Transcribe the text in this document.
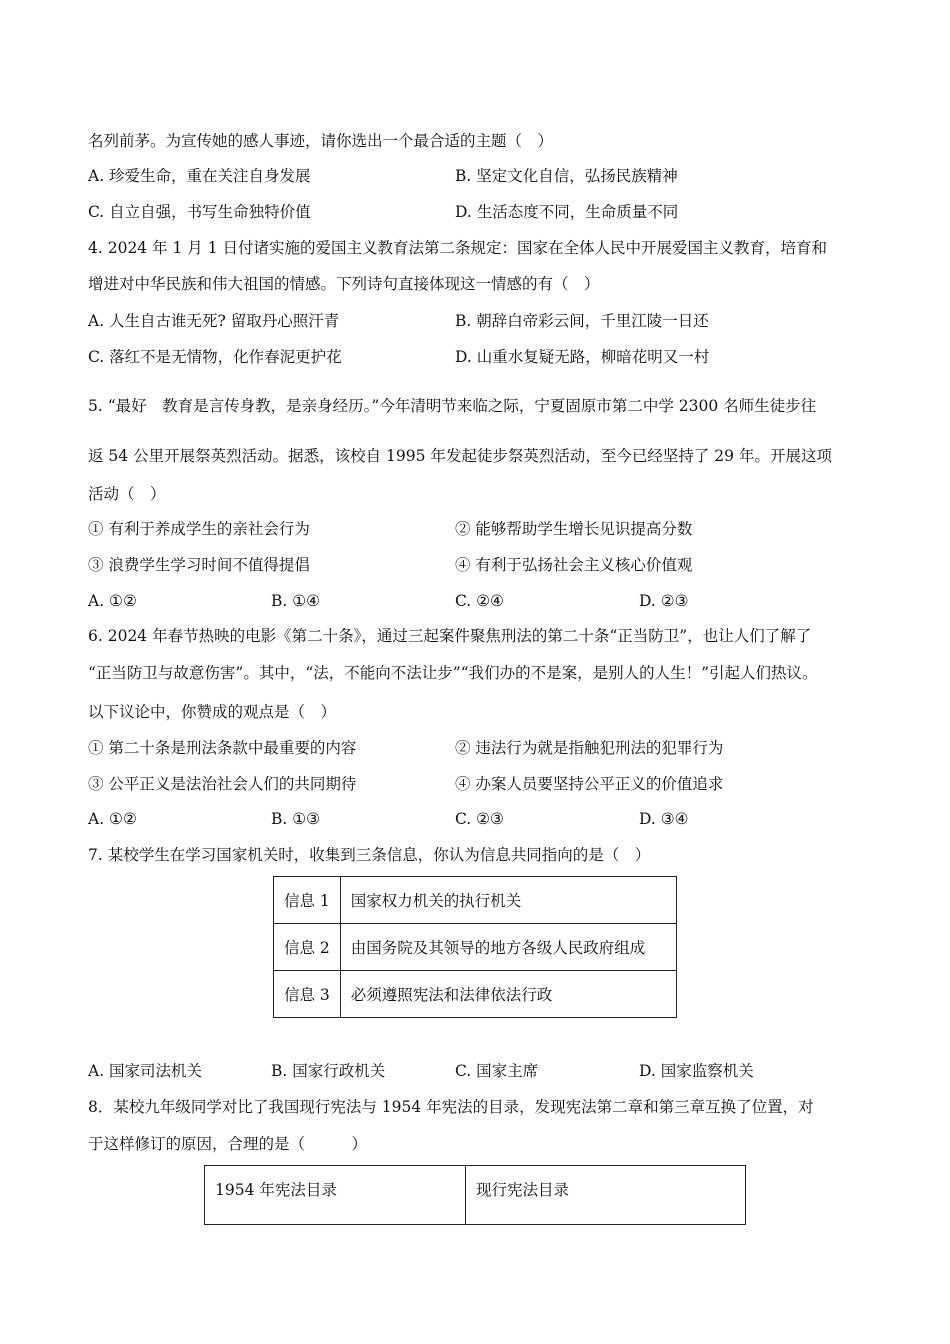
名列前茅。为宣传她的感人事迹，请你选出一个最合适的主题（　）
A. 珍爱生命，重在关注自身发展	B. 坚定文化自信，弘扬民族精神
C. 自立自强，书写生命独特价值	D. 生活态度不同，生命质量不同
4. 2024 年 1 月 1 日付诸实施的爱国主义教育法第二条规定：国家在全体人民中开展爱国主义教育，培育和
增进对中华民族和伟大祖国的情感。下列诗句直接体现这一情感的有（　）
A. 人生自古谁无死? 留取丹心照汗青	B. 朝辞白帝彩云间，千里江陵一日还
C. 落红不是无情物，化作春泥更护花	D. 山重水复疑无路，柳暗花明又一村
5. “最好　教育是言传身教，是亲身经历。”今年清明节来临之际，宁夏固原市第二中学 2300 名师生徒步往
返 54 公里开展祭英烈活动。据悉，该校自 1995 年发起徒步祭英烈活动，至今已经坚持了 29 年。开展这项
活动（　）
① 有利于养成学生的亲社会行为	② 能够帮助学生增长见识提高分数
③ 浪费学生学习时间不值得提倡	④ 有利于弘扬社会主义核心价值观
A. ①②	B. ①④	C. ②④	D. ②③
6. 2024 年春节热映的电影《第二十条》，通过三起案件聚焦刑法的第二十条“正当防卫”，也让人们了解了
“正当防卫与故意伤害”。其中，“法，不能向不法让步”“我们办的不是案，是别人的人生！”引起人们热议。
以下议论中，你赞成的观点是（　）
① 第二十条是刑法条款中最重要的内容	② 违法行为就是指触犯刑法的犯罪行为
③ 公平正义是法治社会人们的共同期待	④ 办案人员要坚持公平正义的价值追求
A. ①②	B. ①③	C. ②③	D. ③④
7. 某校学生在学习国家机关时，收集到三条信息，你认为信息共同指向的是（　）
信息 1	国家权力机关的执行机关
信息 2	由国务院及其领导的地方各级人民政府组成
信息 3	必须遵照宪法和法律依法行政
A. 国家司法机关	B. 国家行政机关	C. 国家主席	D. 国家监察机关
8．某校九年级同学对比了我国现行宪法与 1954 年宪法的目录，发现宪法第二章和第三章互换了位置，对
于这样修订的原因，合理的是（　　　）
1954 年宪法目录	现行宪法目录
